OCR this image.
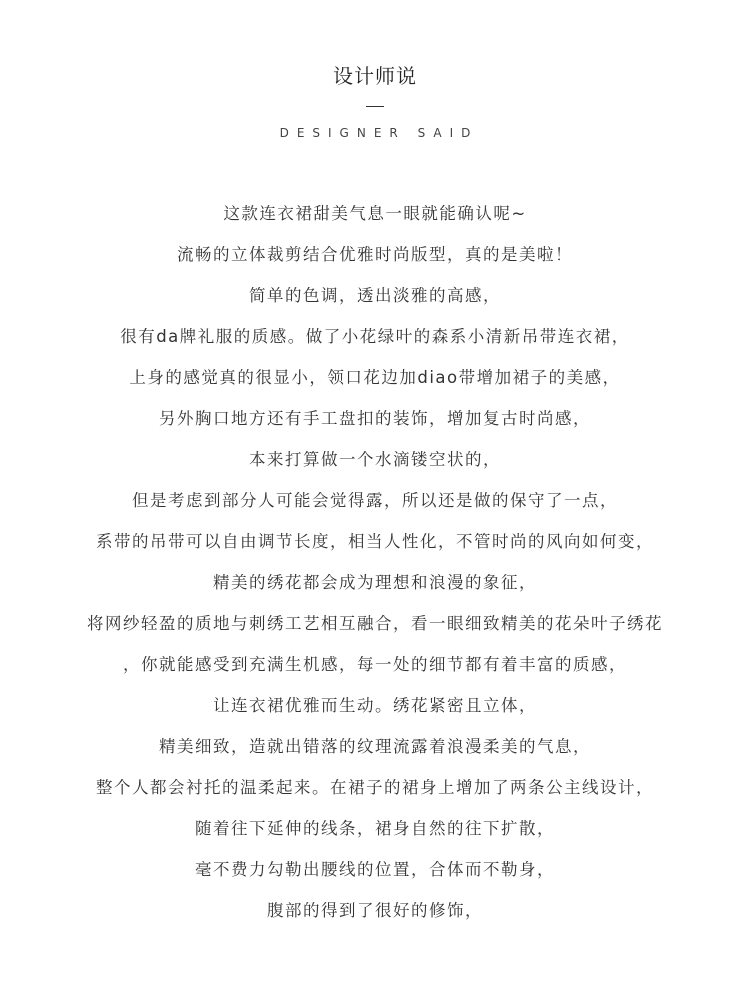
设计师说
DESIGNER SAID
这款连衣裙甜美气息一眼就能确认呢~
流畅的立体裁剪结合优雅时尚版型，真的是美啦！
简单的色调，透出淡雅的高感，
很有da牌礼服的质感。做了小花绿叶的森系小清新吊带连衣裙，
上身的感觉真的很显小，领口花边加diao带增加裙子的美感，
另外胸口地方还有手工盘扣的装饰，增加复古时尚感，
本来打算做一个水滴镂空状的，
但是考虑到部分人可能会觉得露，所以还是做的保守了一点，
系带的吊带可以自由调节长度，相当人性化，不管时尚的风向如何变，
精美的绣花都会成为理想和浪漫的象征，
将网纱轻盈的质地与刺绣工艺相互融合，看一眼细致精美的花朵叶子绣花
，你就能感受到充满生机感，每一处的细节都有着丰富的质感，
让连衣裙优雅而生动。绣花紧密且立体，
精美细致，造就出错落的纹理流露着浪漫柔美的气息，
整个人都会衬托的温柔起来。在裙子的裙身上增加了两条公主线设计，
随着往下延伸的线条，裙身自然的往下扩散，
毫不费力勾勒出腰线的位置，合体而不勒身，
腹部的得到了很好的修饰，
